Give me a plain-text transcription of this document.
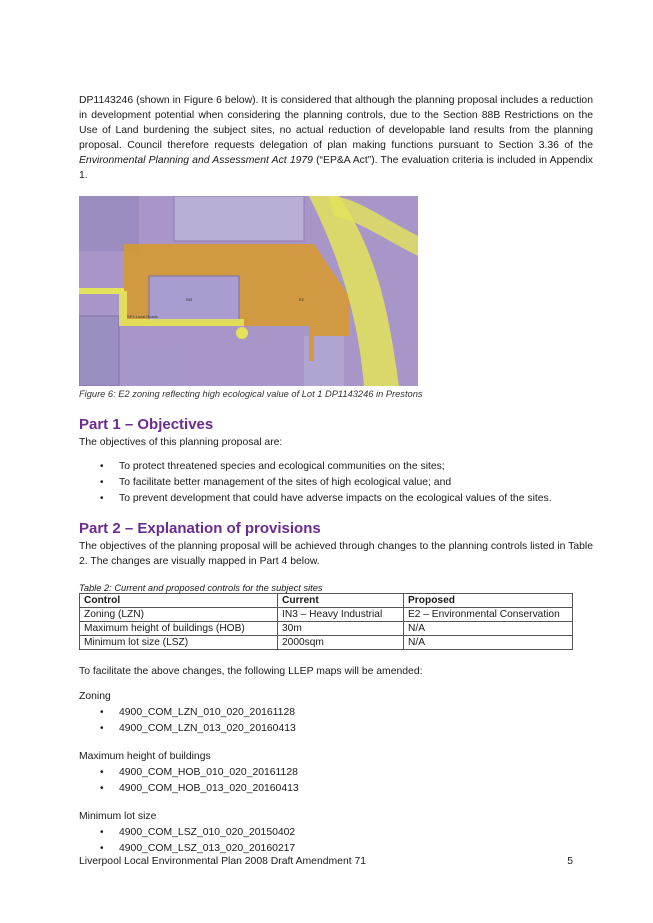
DP1143246 (shown in Figure 6 below). It is considered that although the planning proposal includes a reduction in development potential when considering the planning controls, due to the Section 88B Restrictions on the Use of Land burdening the subject sites, no actual reduction of developable land results from the planning proposal. Council therefore requests delegation of plan making functions pursuant to Section 3.36 of the Environmental Planning and Assessment Act 1979 (“EP&A Act”). The evaluation criteria is included in Appendix 1.

IN3	E2
SP2 Local Roads
Figure 6: E2 zoning reflecting high ecological value of Lot 1 DP1143246 in Prestons
Part 1 – Objectives

The objectives of this planning proposal are:

• To protect threatened species and ecological communities on the sites;
• To facilitate better management of the sites of high ecological value; and
• To prevent development that could have adverse impacts on the ecological values of the sites.
Part 2 – Explanation of provisions

The objectives of the planning proposal will be achieved through changes to the planning controls listed in Table 2. The changes are visually mapped in Part 4 below.

Table 2: Current and proposed controls for the subject sites
Control	Current	Proposed
Zoning (LZN)	IN3 – Heavy Industrial	E2 – Environmental Conservation
Maximum height of buildings (HOB)	30m	N/A
Minimum lot size (LSZ)	2000sqm	N/A
To facilitate the above changes, the following LLEP maps will be amended:
Zoning
• 4900_COM_LZN_010_020_20161128
• 4900_COM_LZN_013_020_20160413
Maximum height of buildings
• 4900_COM_HOB_010_020_20161128
• 4900_COM_HOB_013_020_20160413
Minimum lot size
• 4900_COM_LSZ_010_020_20150402
• 4900_COM_LSZ_013_020_20160217
Liverpool Local Environmental Plan 2008 Draft Amendment 71	5
